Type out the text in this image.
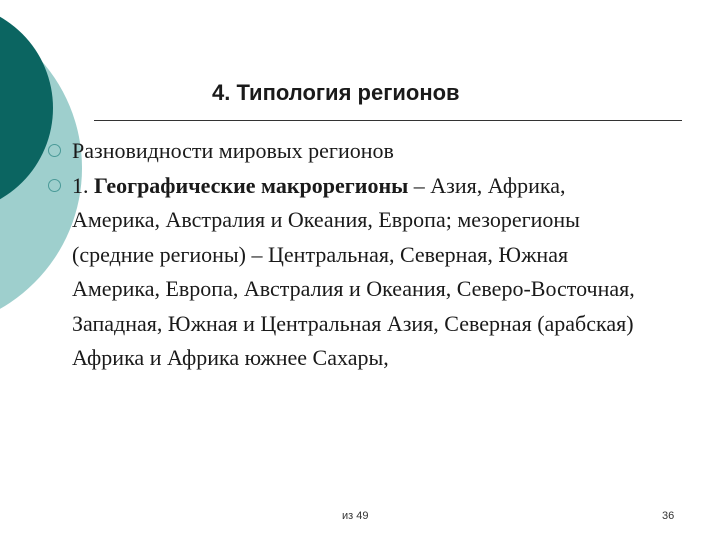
4. Типология регионов
Разновидности мировых регионов
1. Географические макрорегионы – Азия, Африка, Америка, Австралия и Океания, Европа; мезорегионы (средние регионы) – Центральная, Северная, Южная Америка, Европа, Австралия и Океания, Северо-Восточная, Западная, Южная и Центральная Азия, Северная (арабская) Африка и Африка южнее Сахары,
из 49	36
